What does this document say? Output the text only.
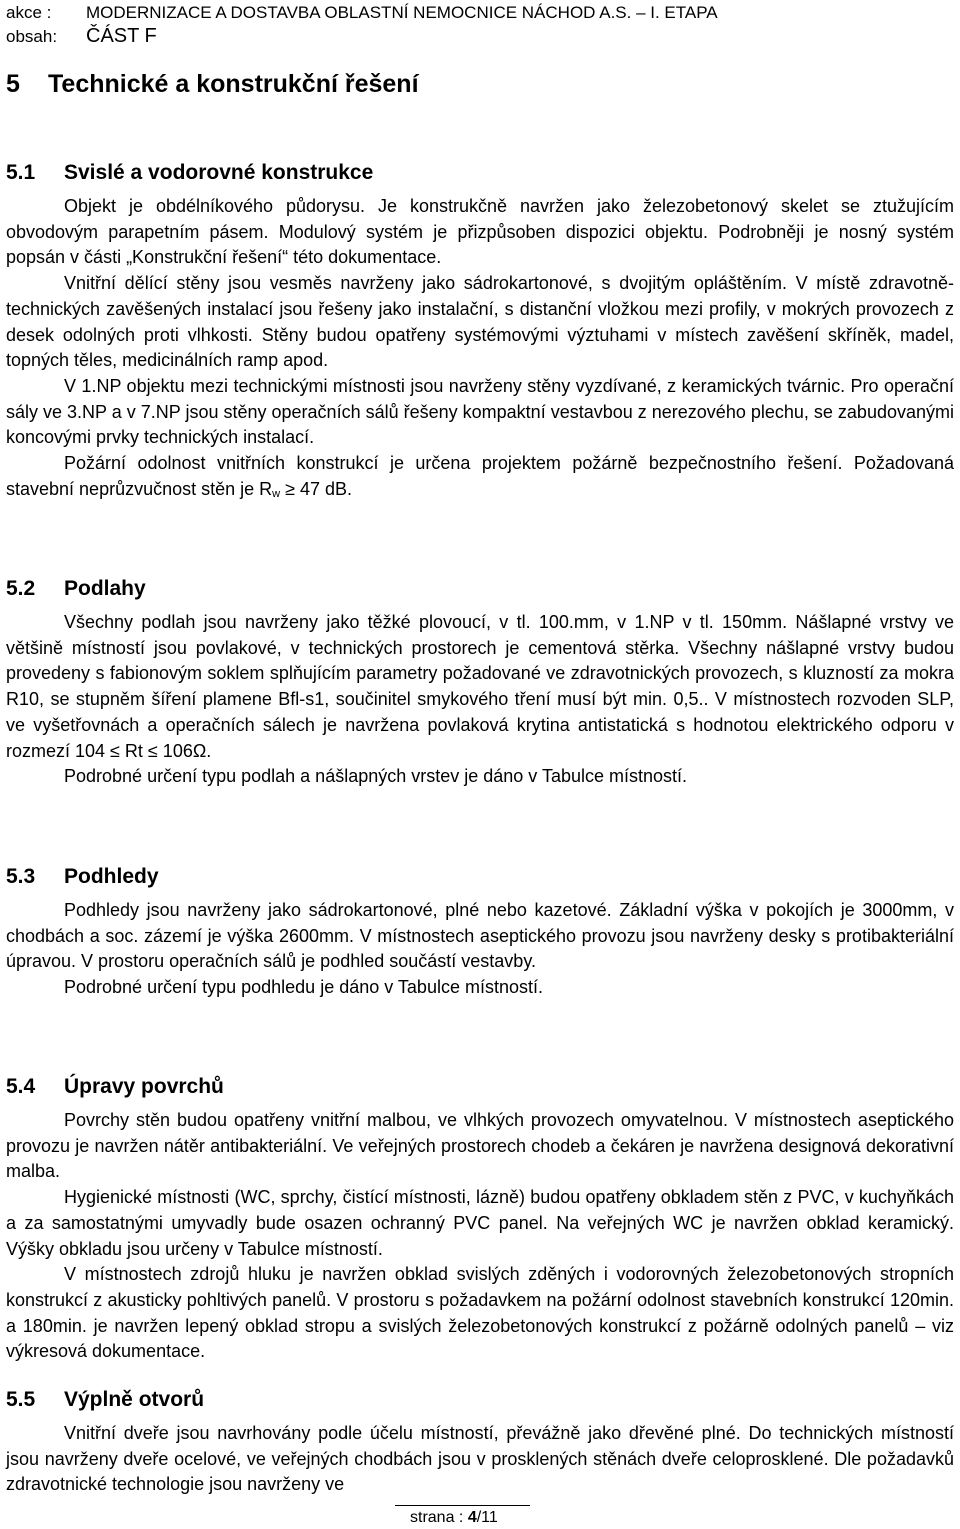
akce : MODERNIZACE A DOSTAVBA OBLASTNÍ NEMOCNICE NÁCHOD A.S. – I. ETAPA
obsah: ČÁST F
5 Technické a konstrukční řešení
5.1 Svislé a vodorovné konstrukce

Objekt je obdélníkového půdorysu. Je konstrukčně navržen jako železobetonový skelet se ztužujícím obvodovým parapetním pásem. Modulový systém je přizpůsoben dispozici objektu. Podrobněji je nosný systém popsán v části „Konstrukční řešení“ této dokumentace.

Vnitřní dělící stěny jsou vesměs navrženy jako sádrokartonové, s dvojitým opláštěním. V místě zdravotně-technických zavěšených instalací jsou řešeny jako instalační, s distanční vložkou mezi profily, v mokrých provozech z desek odolných proti vlhkosti. Stěny budou opatřeny systémovými výztuhami v místech zavěšení skříněk, madel, topných těles, medicinálních ramp apod.

V 1.NP objektu mezi technickými místnosti jsou navrženy stěny vyzdívané, z keramických tvárnic. Pro operační sály ve 3.NP a v 7.NP jsou stěny operačních sálů řešeny kompaktní vestavbou z nerezového plechu, se zabudovanými koncovými prvky technických instalací.

Požární odolnost vnitřních konstrukcí je určena projektem požárně bezpečnostního řešení. Požadovaná stavební neprůzvučnost stěn je $R_w \ge 47$ dB.

5.2 Podlahy

Všechny podlah jsou navrženy jako těžké plovoucí, v tl. 100.mm, v 1.NP v tl. 150mm. Nášlapné vrstvy ve většině místností jsou povlakové, v technických prostorech je cementová stěrka. Všechny nášlapné vrstvy budou provedeny s fabionovým soklem splňujícím parametry požadované ve zdravotnických provozech, s kluzností za mokra R10, se stupněm šíření plamene Bfl-s1, součinitel smykového tření musí být min. 0,5.. V místnostech rozvoden SLP, ve vyšetřovnách a operačních sálech je navržena povlaková krytina antistatická s hodnotou elektrického odporu v rozmezí 104 ≤ Rt ≤ 106Ω.

Podrobné určení typu podlah a nášlapných vrstev je dáno v Tabulce místností.

5.3 Podhledy

Podhledy jsou navrženy jako sádrokartonové, plné nebo kazetové. Základní výška v pokojích je 3000mm, v chodbách a soc. zázemí je výška 2600mm. V místnostech aseptického provozu jsou navrženy desky s protibakteriální úpravou. V prostoru operačních sálů je podhled součástí vestavby.

Podrobné určení typu podhledu je dáno v Tabulce místností.

5.4 Úpravy povrchů

Povrchy stěn budou opatřeny vnitřní malbou, ve vlhkých provozech omyvatelnou. V místnostech aseptického provozu je navržen nátěr antibakteriální. Ve veřejných prostorech chodeb a čekáren je navržena designová dekorativní malba.

Hygienické místnosti (WC, sprchy, čistící místnosti, lázně) budou opatřeny obkladem stěn z PVC, v kuchyňkách a za samostatnými umyvadly bude osazen ochranný PVC panel. Na veřejných WC je navržen obklad keramický. Výšky obkladu jsou určeny v Tabulce místností.

V místnostech zdrojů hluku je navržen obklad svislých zděných i vodorovných železobetonových stropních konstrukcí z akusticky pohltivých panelů. V prostoru s požadavkem na požární odolnost stavebních konstrukcí 120min. a 180min. je navržen lepený obklad stropu a svislých železobetonových konstrukcí z požárně odolných panelů – viz výkresová dokumentace.

5.5 Výplně otvorů

Vnitřní dveře jsou navrhovány podle účelu místností, převážně jako dřevěné plné. Do technických místností jsou navrženy dveře ocelové, ve veřejných chodbách jsou v prosklených stěnách dveře celoprosklené. Dle požadavků zdravotnické technologie jsou navrženy ve

strana : 4/11
